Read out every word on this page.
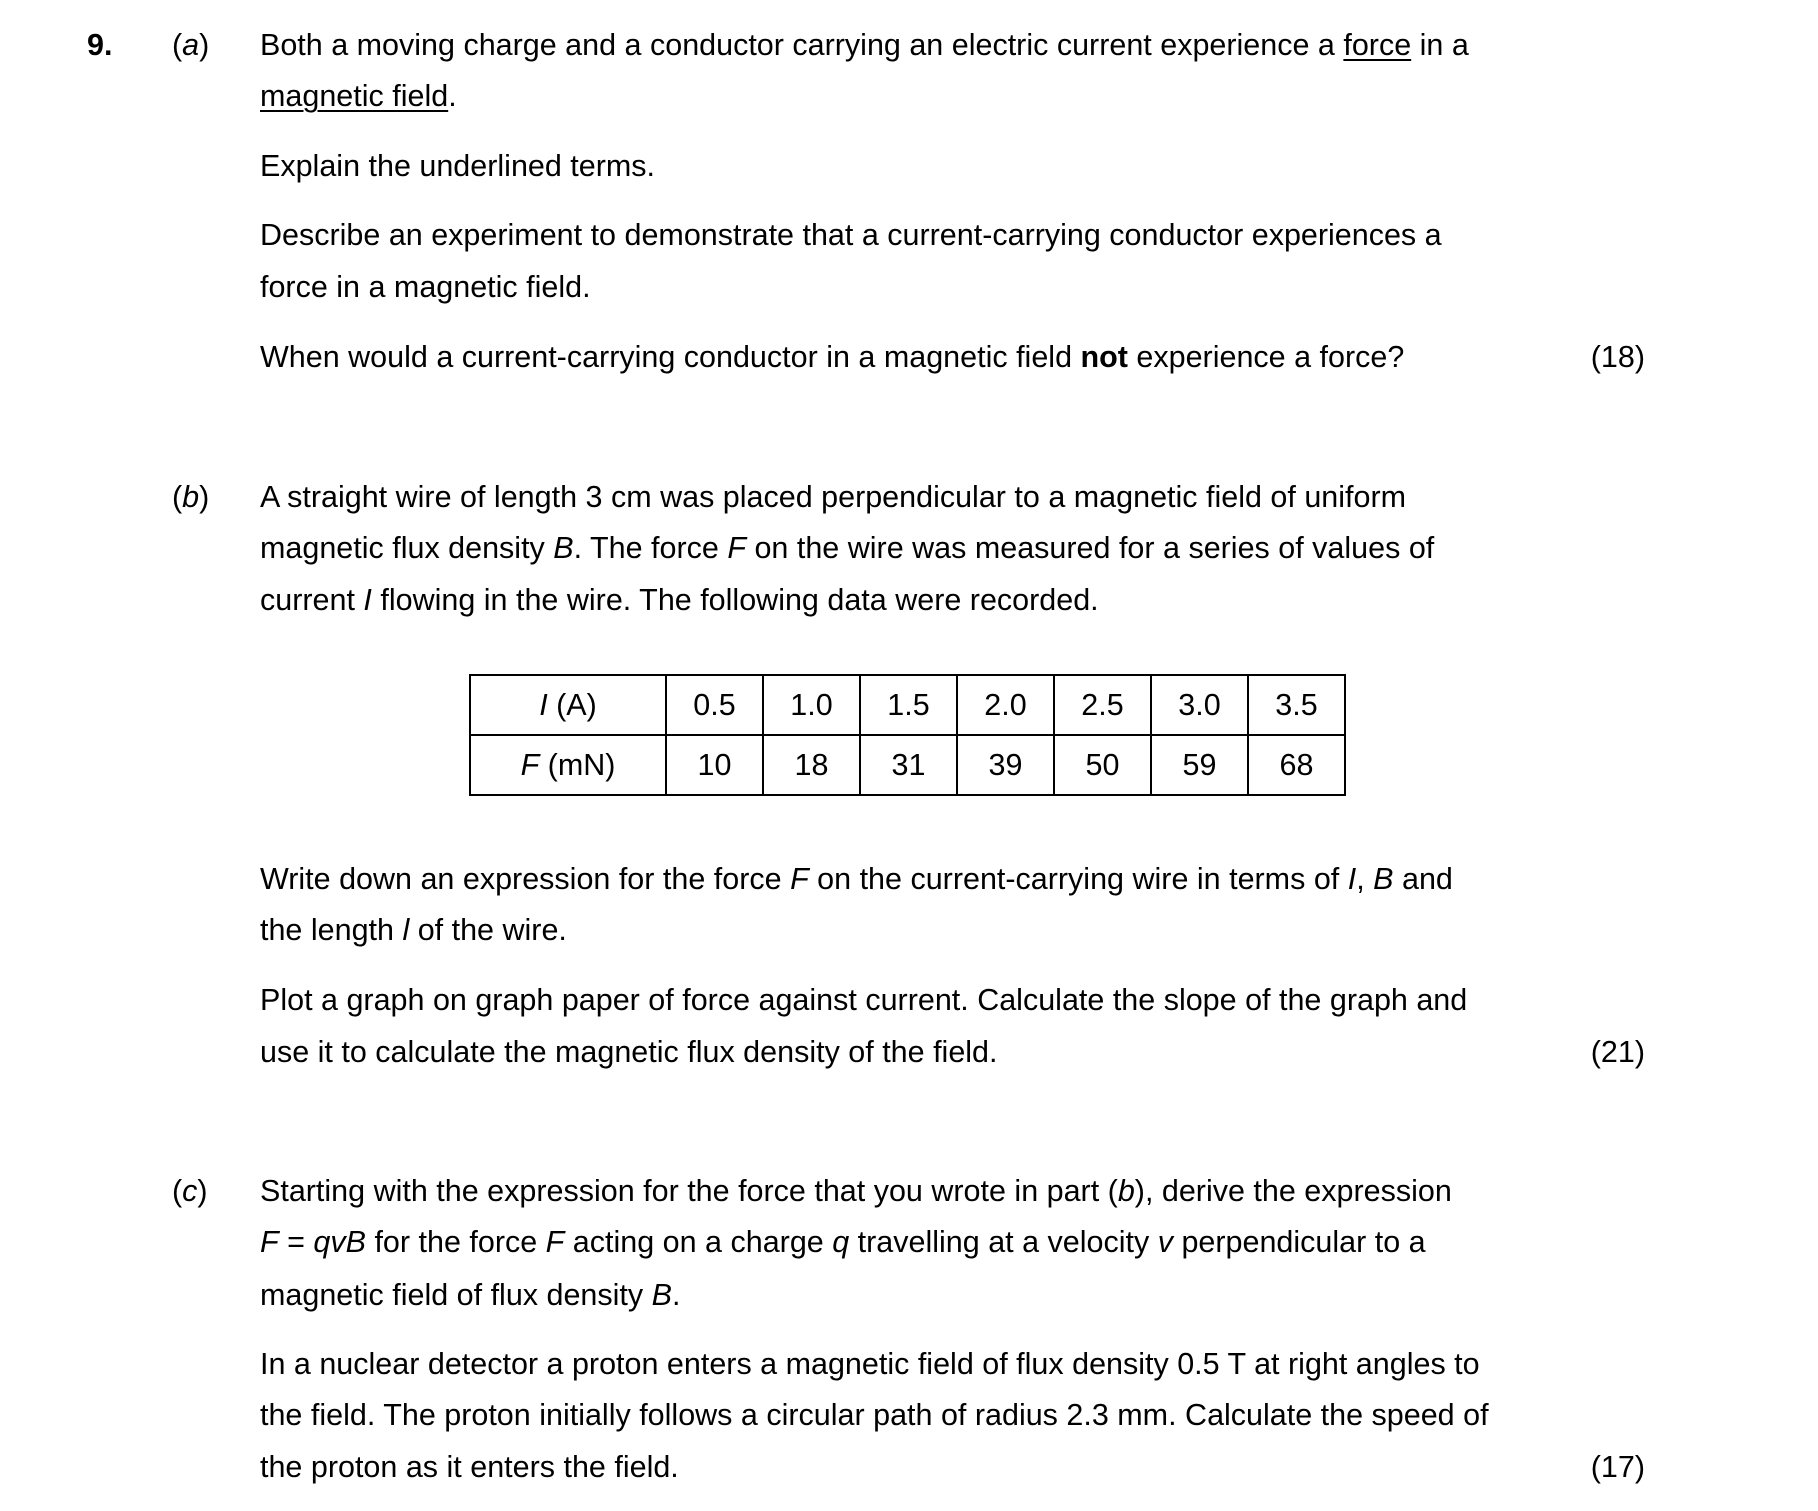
9. (a) Both a moving charge and a conductor carrying an electric current experience a force in a
magnetic field.
Explain the underlined terms.
Describe an experiment to demonstrate that a current-carrying conductor experiences a
force in a magnetic field.
When would a current-carrying conductor in a magnetic field not experience a force?	(18)
(b) A straight wire of length 3 cm was placed perpendicular to a magnetic field of uniform
magnetic flux density B. The force F on the wire was measured for a series of values of
current I flowing in the wire. The following data were recorded.
I (A)	0.5	1.0	1.5	2.0	2.5	3.0	3.5
F (mN)	10	18	31	39	50	59	68
Write down an expression for the force F on the current-carrying wire in terms of I, B and
the length l of the wire.
Plot a graph on graph paper of force against current. Calculate the slope of the graph and
use it to calculate the magnetic flux density of the field.	(21)
(c) Starting with the expression for the force that you wrote in part (b), derive the expression
F = qvB for the force F acting on a charge q travelling at a velocity v perpendicular to a
magnetic field of flux density B.
In a nuclear detector a proton enters a magnetic field of flux density 0.5 T at right angles to
the field. The proton initially follows a circular path of radius 2.3 mm. Calculate the speed of
the proton as it enters the field.	(17)
